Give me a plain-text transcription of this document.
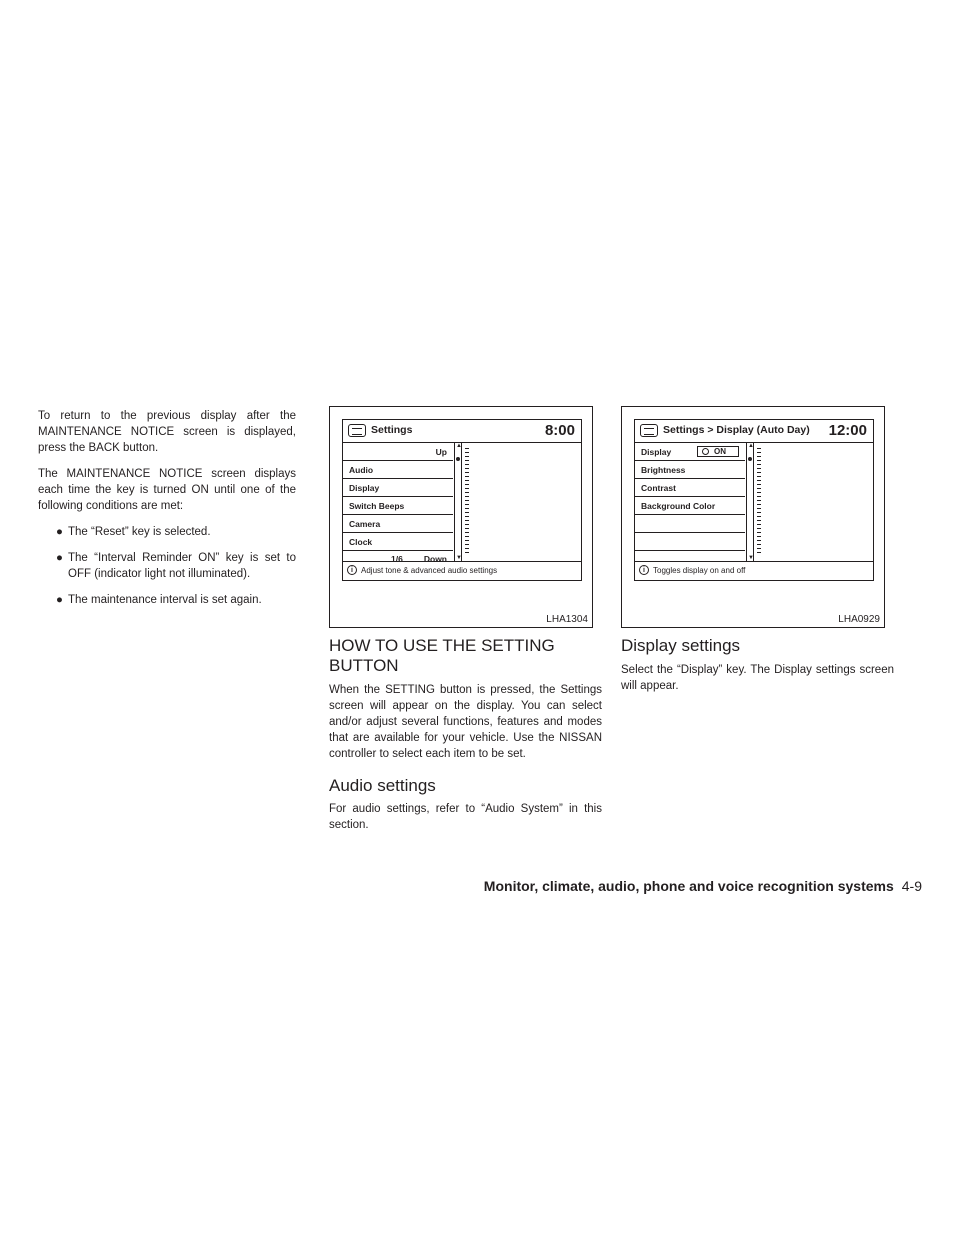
To return to the previous display after the MAINTENANCE NOTICE screen is displayed, press the BACK button.

The MAINTENANCE NOTICE screen displays each time the key is turned ON until one of the following conditions are met:

● The “Reset” key is selected.
● The “Interval Reminder ON” key is set to OFF (indicator light not illuminated).
● The maintenance interval is set again.
Settings	8:00
Up
Audio
Display
Switch Beeps
Camera
Clock
1/6 Down
▲
▼
i	Adjust tone & advanced audio settings
LHA1304
Settings > Display (Auto Day) 12:00
Display	ON
Brightness
Contrast
Background Color
▲
▼
i	Toggles display on and off
LHA0929
HOW TO USE THE SETTING BUTTON

When the SETTING button is pressed, the Settings screen will appear on the display. You can select and/or adjust several functions, features and modes that are available for your vehicle. Use the NISSAN controller to select each item to be set.

Audio settings

For audio settings, refer to “Audio System” in this section.

Display settings

Select the “Display” key. The Display settings screen will appear.

Monitor, climate, audio, phone and voice recognition systems 4-9
